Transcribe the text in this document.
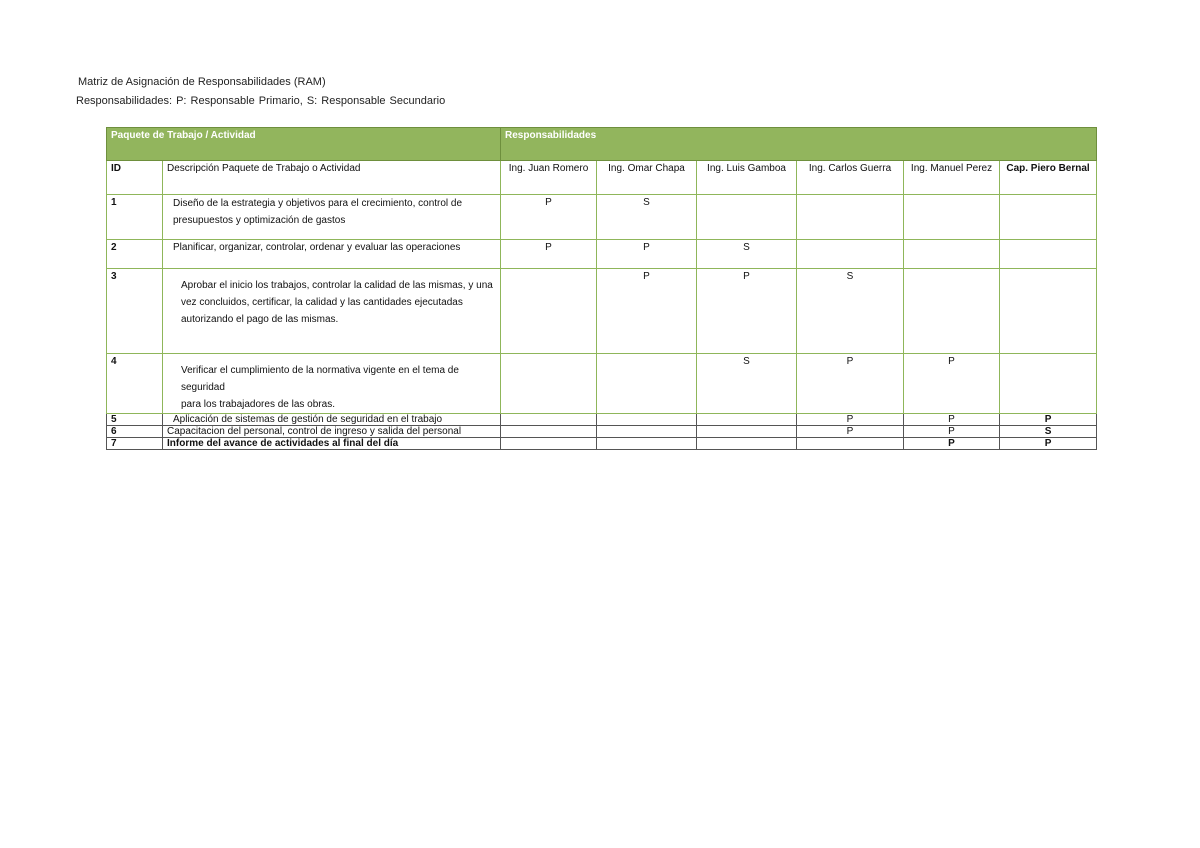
Matriz de Asignación de Responsabilidades (RAM)
Responsabilidades: P: Responsable Primario, S: Responsable Secundario
Paquete de Trabajo / Actividad		Responsabilidades					
ID	Descripción Paquete de Trabajo o Actividad	Ing. Juan Romero	Ing. Omar Chapa	Ing. Luis Gamboa	Ing. Carlos Guerra	Ing. Manuel Perez	Cap. Piero Bernal
1	Diseño de la estrategia y objetivos para el crecimiento, control de
presupuestos y optimización de gastos	P	S				
2	Planificar, organizar, controlar, ordenar y evaluar las operaciones	P	P	S			
3	Aprobar el inicio los trabajos, controlar la calidad de las mismas, y una
vez concluidos, certificar, la calidad y las cantidades ejecutadas
autorizando el pago de las mismas.		P	P	S		
4	Verificar el cumplimiento de la normativa vigente en el tema de seguridad
para los trabajadores de las obras.			S	P	P	
5	Aplicación de sistemas de gestión de seguridad en el trabajo				P	P	P
6	Capacitacion del personal, control de ingreso y salida del personal				P	P	S
7	Informe del avance de actividades al final del día					P	P
